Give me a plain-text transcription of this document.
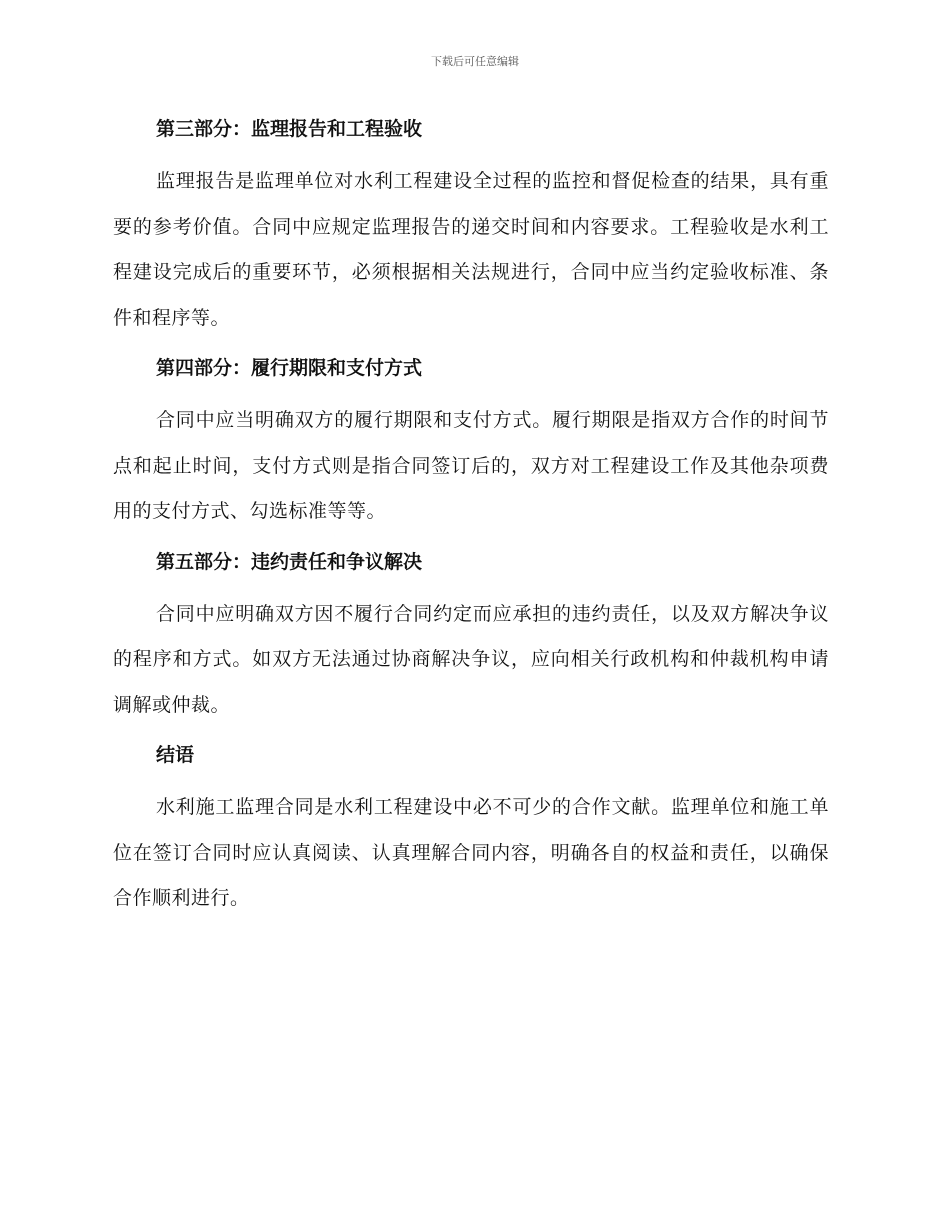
下载后可任意编辑
第三部分：监理报告和工程验收

监理报告是监理单位对水利工程建设全过程的监控和督促检查的结果，具有重要的参考价值。合同中应规定监理报告的递交时间和内容要求。工程验收是水利工程建设完成后的重要环节，必须根据相关法规进行，合同中应当约定验收标准、条件和程序等。

第四部分：履行期限和支付方式

合同中应当明确双方的履行期限和支付方式。履行期限是指双方合作的时间节点和起止时间，支付方式则是指合同签订后的，双方对工程建设工作及其他杂项费用的支付方式、勾选标准等等。

第五部分：违约责任和争议解决

合同中应明确双方因不履行合同约定而应承担的违约责任，以及双方解决争议的程序和方式。如双方无法通过协商解决争议，应向相关行政机构和仲裁机构申请调解或仲裁。

结语

水利施工监理合同是水利工程建设中必不可少的合作文献。监理单位和施工单位在签订合同时应认真阅读、认真理解合同内容，明确各自的权益和责任，以确保合作顺利进行。
